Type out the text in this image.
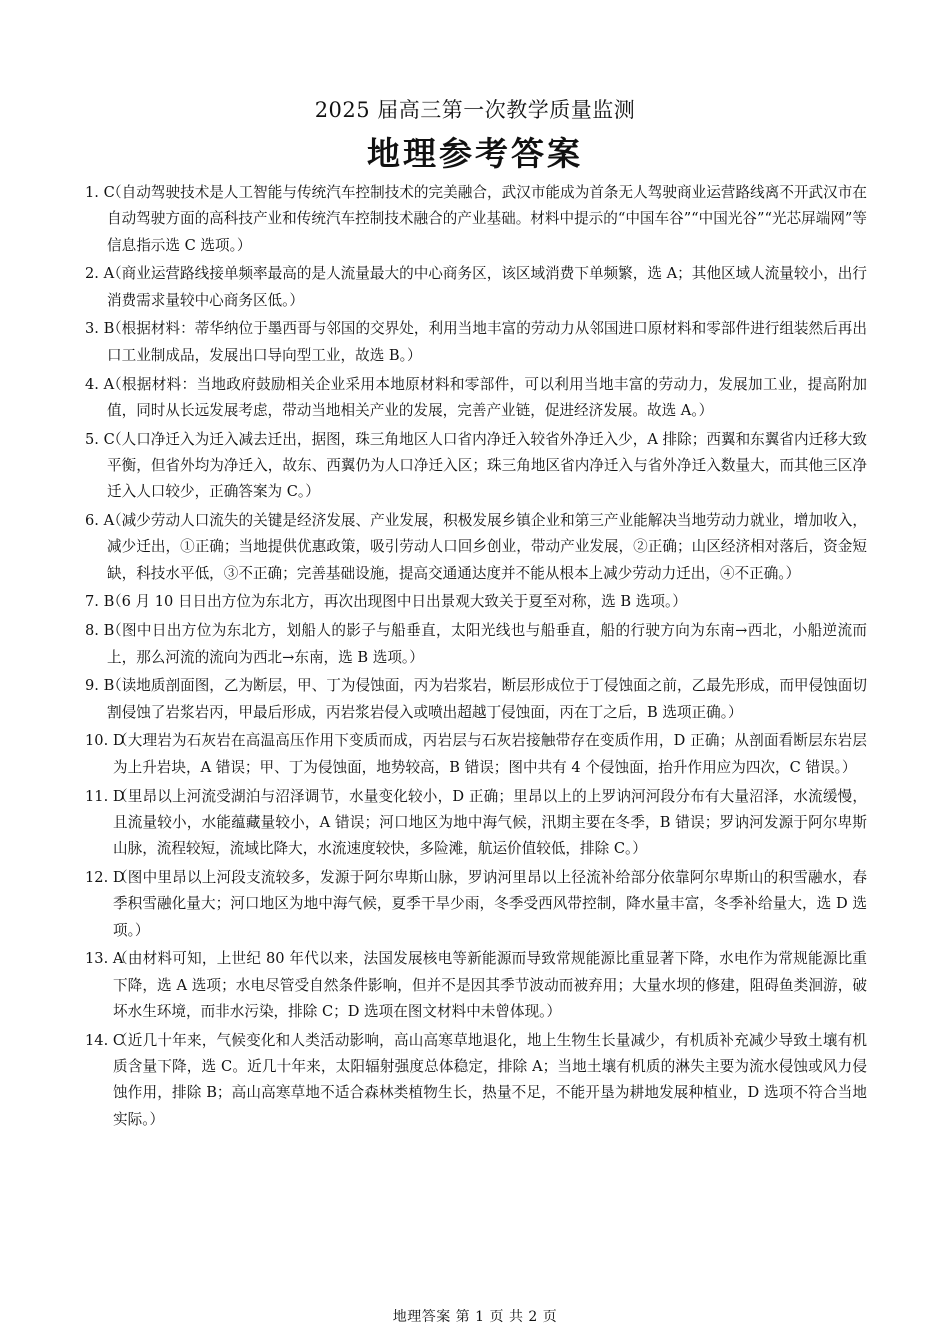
2025 届高三第一次教学质量监测
地理参考答案
1. C
（自动驾驶技术是人工智能与传统汽车控制技术的完美融合，武汉市能成为首条无人驾驶商业运营路线离不开武汉市在自动驾驶方面的高科技产业和传统汽车控制技术融合的产业基础。材料中提示的“中国车谷”“中国光谷”“光芯屏端网”等信息指示选 C 选项。）
2. A
（商业运营路线接单频率最高的是人流量最大的中心商务区，该区域消费下单频繁，选 A；其他区域人流量较小，出行消费需求量较中心商务区低。）
3. B
（根据材料：蒂华纳位于墨西哥与邻国的交界处，利用当地丰富的劳动力从邻国进口原材料和零部件进行组装然后再出口工业制成品，发展出口导向型工业，故选 B。）
4. A
（根据材料：当地政府鼓励相关企业采用本地原材料和零部件，可以利用当地丰富的劳动力，发展加工业，提高附加值，同时从长远发展考虑，带动当地相关产业的发展，完善产业链，促进经济发展。故选 A。）
5. C
（人口净迁入为迁入减去迁出，据图，珠三角地区人口省内净迁入较省外净迁入少，A 排除；西翼和东翼省内迁移大致平衡，但省外均为净迁入，故东、西翼仍为人口净迁入区；珠三角地区省内净迁入与省外净迁入数量大，而其他三区净迁入人口较少，正确答案为 C。）
6. A
（减少劳动人口流失的关键是经济发展、产业发展，积极发展乡镇企业和第三产业能解决当地劳动力就业，增加收入，减少迁出，①正确；当地提供优惠政策，吸引劳动人口回乡创业，带动产业发展，②正确；山区经济相对落后，资金短缺，科技水平低，③不正确；完善基础设施，提高交通通达度并不能从根本上减少劳动力迁出，④不正确。）
7. B
（6 月 10 日日出方位为东北方，再次出现图中日出景观大致关于夏至对称，选 B 选项。）
8. B
（图中日出方位为东北方，划船人的影子与船垂直，太阳光线也与船垂直，船的行驶方向为东南→西北，小船逆流而上，那么河流的流向为西北→东南，选 B 选项。）
9. B
（读地质剖面图，乙为断层，甲、丁为侵蚀面，丙为岩浆岩，断层形成位于丁侵蚀面之前，乙最先形成，而甲侵蚀面切割侵蚀了岩浆岩丙，甲最后形成，丙岩浆岩侵入或喷出超越丁侵蚀面，丙在丁之后，B 选项正确。）
10. D
（大理岩为石灰岩在高温高压作用下变质而成，丙岩层与石灰岩接触带存在变质作用，D 正确；从剖面看断层东岩层为上升岩块，A 错误；甲、丁为侵蚀面，地势较高，B 错误；图中共有 4 个侵蚀面，抬升作用应为四次，C 错误。）
11. D
（里昂以上河流受湖泊与沼泽调节，水量变化较小，D 正确；里昂以上的上罗讷河河段分布有大量沼泽，水流缓慢，且流量较小，水能蕴藏量较小，A 错误；河口地区为地中海气候，汛期主要在冬季，B 错误；罗讷河发源于阿尔卑斯山脉，流程较短，流域比降大，水流速度较快，多险滩，航运价值较低，排除 C。）
12. D
（图中里昂以上河段支流较多，发源于阿尔卑斯山脉，罗讷河里昂以上径流补给部分依靠阿尔卑斯山的积雪融水，春季积雪融化量大；河口地区为地中海气候，夏季干旱少雨，冬季受西风带控制，降水量丰富，冬季补给量大，选 D 选项。）
13. A
（由材料可知，上世纪 80 年代以来，法国发展核电等新能源而导致常规能源比重显著下降，水电作为常规能源比重下降，选 A 选项；水电尽管受自然条件影响，但并不是因其季节波动而被弃用；大量水坝的修建，阻碍鱼类洄游，破坏水生环境，而非水污染，排除 C；D 选项在图文材料中未曾体现。）
14. C
（近几十年来，气候变化和人类活动影响，高山高寒草地退化，地上生物生长量减少，有机质补充减少导致土壤有机质含量下降，选 C。近几十年来，太阳辐射强度总体稳定，排除 A；当地土壤有机质的淋失主要为流水侵蚀或风力侵蚀作用，排除 B；高山高寒草地不适合森林类植物生长，热量不足，不能开垦为耕地发展种植业，D 选项不符合当地实际。）
地理答案 第 1 页 共 2 页
